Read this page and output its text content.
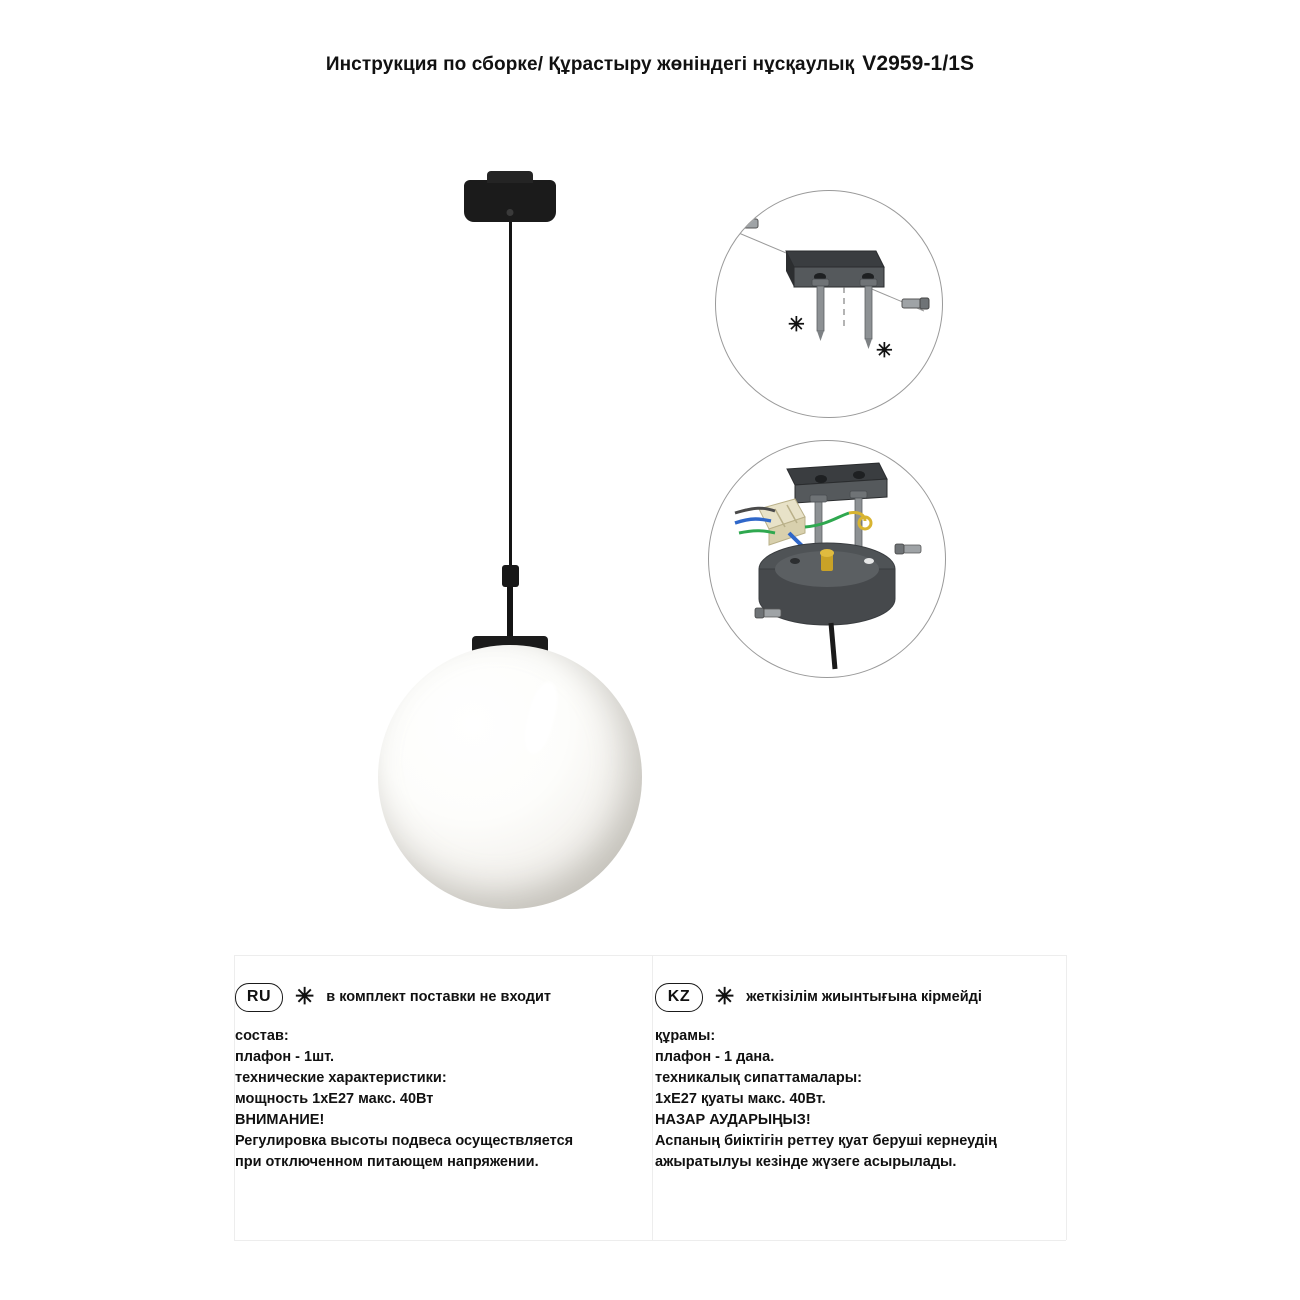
Инструкция по сборке/ Құрастыру жөніндегі нұсқаулық V2959-1/1S
✳
✳
RU	✳ в комплект поставки не входит
состав:
плафон - 1шт.
технические характеристики:
мощность 1хЕ27 макс. 40Вт
ВНИМАНИЕ!
Регулировка высоты подвеса осуществляется
при отключенном питающем напряжении.
KZ	✳ жеткізілім жиынтығына кірмейді
құрамы:
плафон - 1 дана.
техникалық сипаттамалары:
1хЕ27 қуаты макс. 40Вт.
НАЗАР АУДАРЫҢЫЗ!
Аспаның биіктігін реттеу қуат беруші кернеудің
ажыратылуы кезінде жүзеге асырылады.
